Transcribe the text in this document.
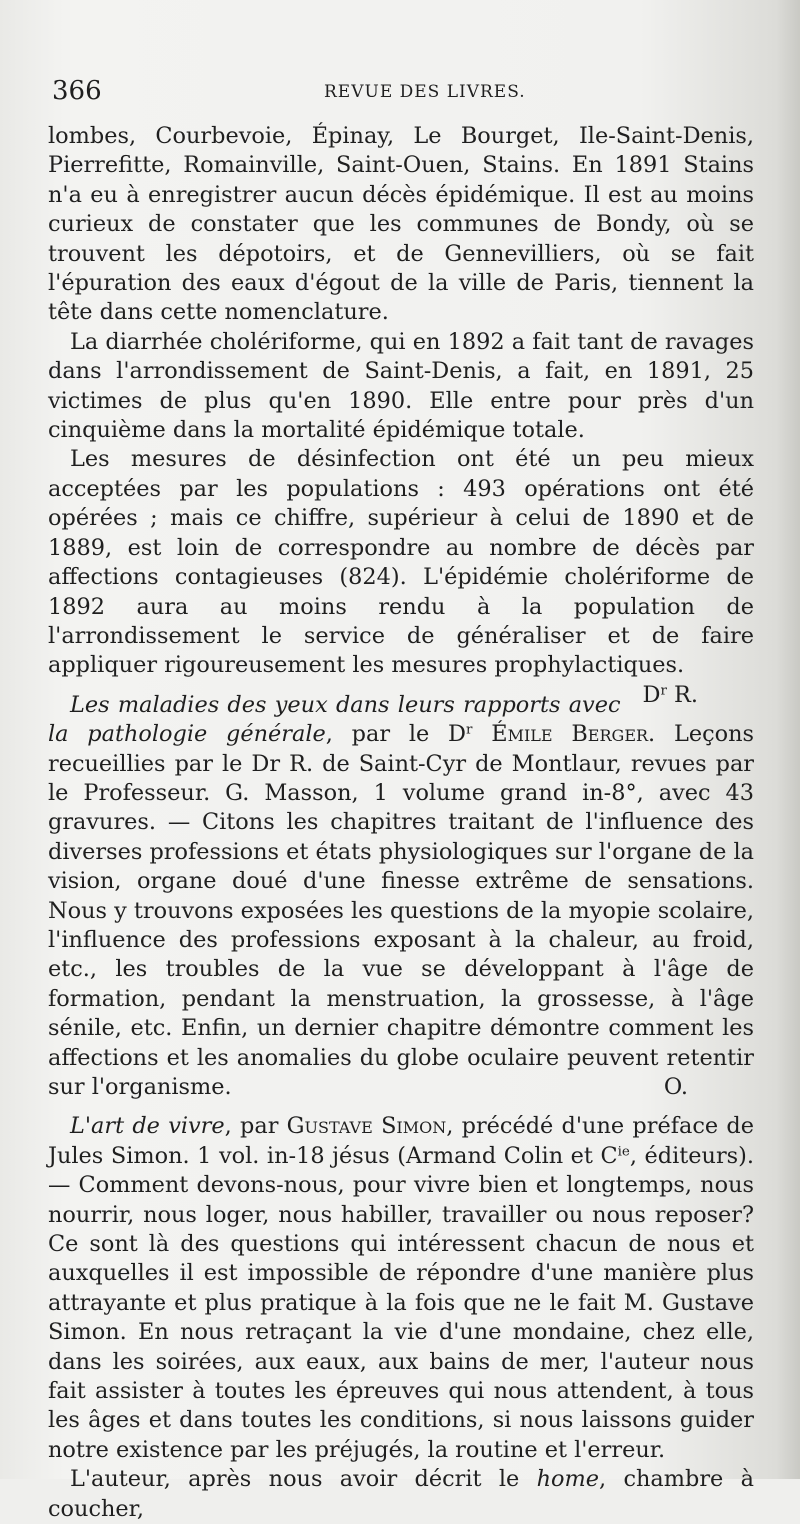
366	REVUE DES LIVRES.

lombes, Courbevoie, Épinay, Le Bourget, Ile-Saint-Denis, Pierrefitte, Romainville, Saint-Ouen, Stains. En 1891 Stains n'a eu à enregistrer aucun décès épidémique. Il est au moins curieux de constater que les communes de Bondy, où se trouvent les dépotoirs, et de Gennevilliers, où se fait l'épuration des eaux d'égout de la ville de Paris, tiennent la tête dans cette nomenclature.

La diarrhée cholériforme, qui en 1892 a fait tant de ravages dans l'arrondissement de Saint-Denis, a fait, en 1891, 25 victimes de plus qu'en 1890. Elle entre pour près d'un cinquième dans la mortalité épidémique totale.

Les mesures de désinfection ont été un peu mieux acceptées par les populations : 493 opérations ont été opérées ; mais ce chiffre, supérieur à celui de 1890 et de 1889, est loin de correspondre au nombre de décès par affections contagieuses (824). L'épidémie cholériforme de 1892 aura au moins rendu à la population de l'arrondissement le service de généraliser et de faire appliquer rigoureusement les mesures prophylactiques.
$D^r$ R.

Les maladies des yeux dans leurs rapports avec la pathologie générale, par le $D^r$ Émile Berger. Leçons recueillies par le Dr R. de Saint-Cyr de Montlaur, revues par le Professeur. G. Masson, 1 volume grand in-8°, avec 43 gravures. — Citons les chapitres traitant de l'influence des diverses professions et états physiologiques sur l'organe de la vision, organe doué d'une finesse extrême de sensations. Nous y trouvons exposées les questions de la myopie scolaire, l'influence des professions exposant à la chaleur, au froid, etc., les troubles de la vue se développant à l'âge de formation, pendant la menstruation, la grossesse, à l'âge sénile, etc. Enfin, un dernier chapitre démontre comment les affections et les anomalies du globe oculaire peuvent retentir sur l'organisme.	O.

L'art de vivre, par Gustave Simon, précédé d'une préface de Jules Simon. 1 vol. in-18 jésus (Armand Colin et $C^{ie}$, éditeurs). — Comment devons-nous, pour vivre bien et longtemps, nous nourrir, nous loger, nous habiller, travailler ou nous reposer? Ce sont là des questions qui intéressent chacun de nous et auxquelles il est impossible de répondre d'une manière plus attrayante et plus pratique à la fois que ne le fait M. Gustave Simon. En nous retraçant la vie d'une mondaine, chez elle, dans les soirées, aux eaux, aux bains de mer, l'auteur nous fait assister à toutes les épreuves qui nous attendent, à tous les âges et dans toutes les conditions, si nous laissons guider notre existence par les préjugés, la routine et l'erreur.

L'auteur, après nous avoir décrit le home, chambre à coucher,
